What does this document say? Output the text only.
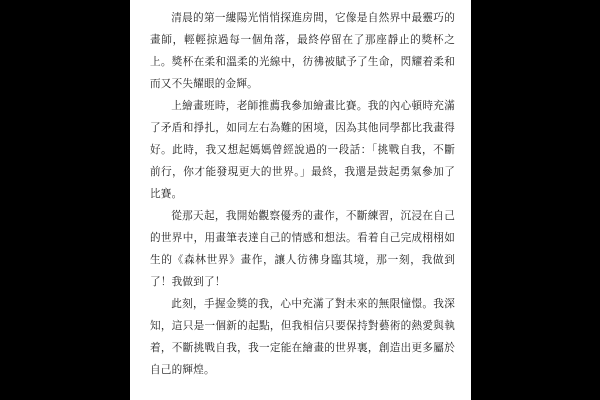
清晨的第一縷陽光悄悄探進房間，它像是自然界中最靈巧的畫師，輕輕掠過每一個角落，最終停留在了那座靜止的獎杯之上。獎杯在柔和溫柔的光線中，彷彿被賦予了生命，閃耀着柔和而又不失耀眼的金輝。

上繪畫班時，老師推薦我參加繪畫比賽。我的內心頓時充滿了矛盾和掙扎，如同左右為難的困境，因為其他同學都比我畫得好。此時，我又想起媽媽曾經說過的一段話：「挑戰自我，不斷前行，你才能發現更大的世界。」最終，我還是鼓起勇氣參加了比賽。

從那天起，我開始觀察優秀的畫作，不斷練習，沉浸在自己的世界中，用畫筆表達自己的情感和想法。看着自己完成栩栩如生的《森林世界》畫作，讓人彷彿身臨其境，那一刻，我做到了！我做到了！

此刻，手握金獎的我，心中充滿了對未來的無限憧憬。我深知，這只是一個新的起點，但我相信只要保持對藝術的熱愛與執着，不斷挑戰自我，我一定能在繪畫的世界裏，創造出更多屬於自己的輝煌。
